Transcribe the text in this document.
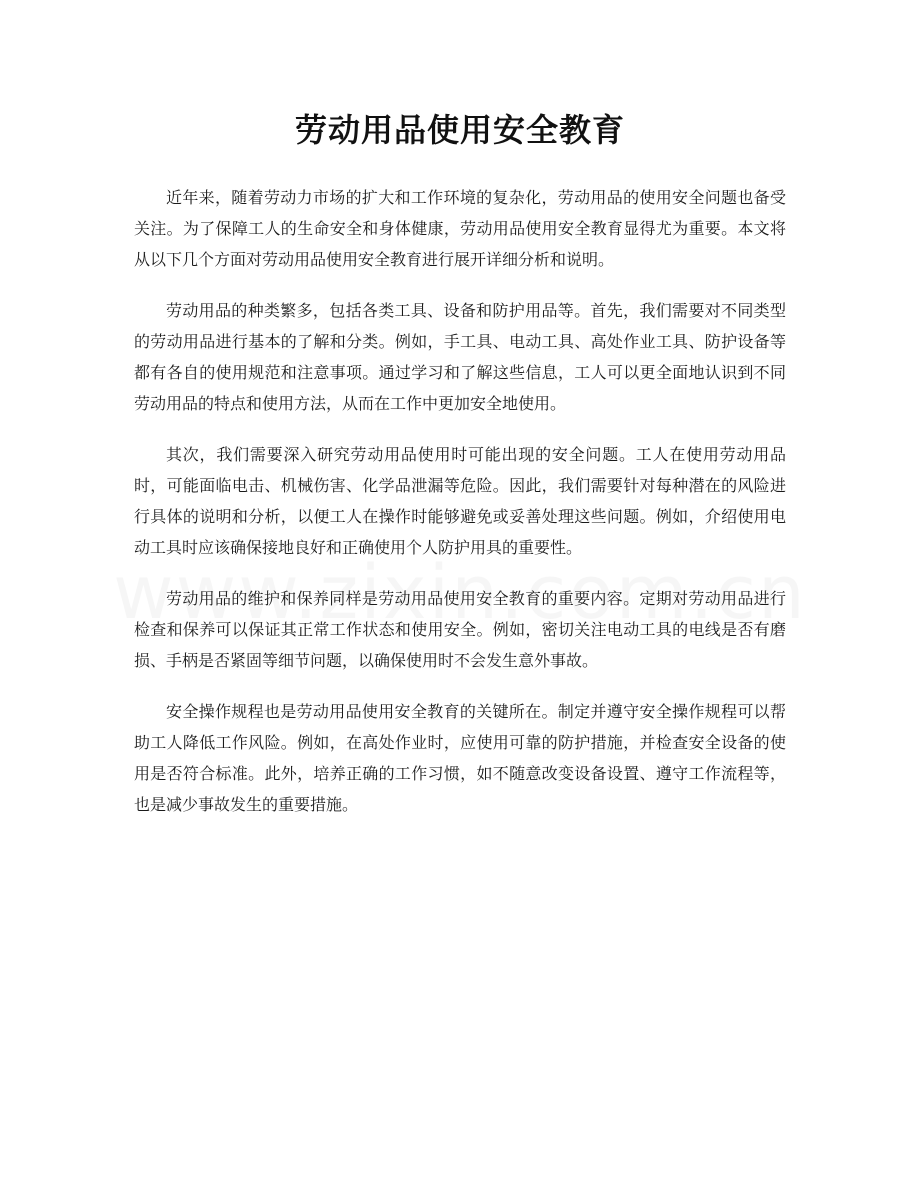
劳动用品使用安全教育

近年来，随着劳动力市场的扩大和工作环境的复杂化，劳动用品的使用安全问题也备受关注。为了保障工人的生命安全和身体健康，劳动用品使用安全教育显得尤为重要。本文将从以下几个方面对劳动用品使用安全教育进行展开详细分析和说明。

劳动用品的种类繁多，包括各类工具、设备和防护用品等。首先，我们需要对不同类型的劳动用品进行基本的了解和分类。例如，手工具、电动工具、高处作业工具、防护设备等都有各自的使用规范和注意事项。通过学习和了解这些信息，工人可以更全面地认识到不同劳动用品的特点和使用方法，从而在工作中更加安全地使用。

其次，我们需要深入研究劳动用品使用时可能出现的安全问题。工人在使用劳动用品时，可能面临电击、机械伤害、化学品泄漏等危险。因此，我们需要针对每种潜在的风险进行具体的说明和分析，以便工人在操作时能够避免或妥善处理这些问题。例如，介绍使用电动工具时应该确保接地良好和正确使用个人防护用具的重要性。

劳动用品的维护和保养同样是劳动用品使用安全教育的重要内容。定期对劳动用品进行检查和保养可以保证其正常工作状态和使用安全。例如，密切关注电动工具的电线是否有磨损、手柄是否紧固等细节问题，以确保使用时不会发生意外事故。

安全操作规程也是劳动用品使用安全教育的关键所在。制定并遵守安全操作规程可以帮助工人降低工作风险。例如，在高处作业时，应使用可靠的防护措施，并检查安全设备的使用是否符合标准。此外，培养正确的工作习惯，如不随意改变设备设置、遵守工作流程等，也是减少事故发生的重要措施。
